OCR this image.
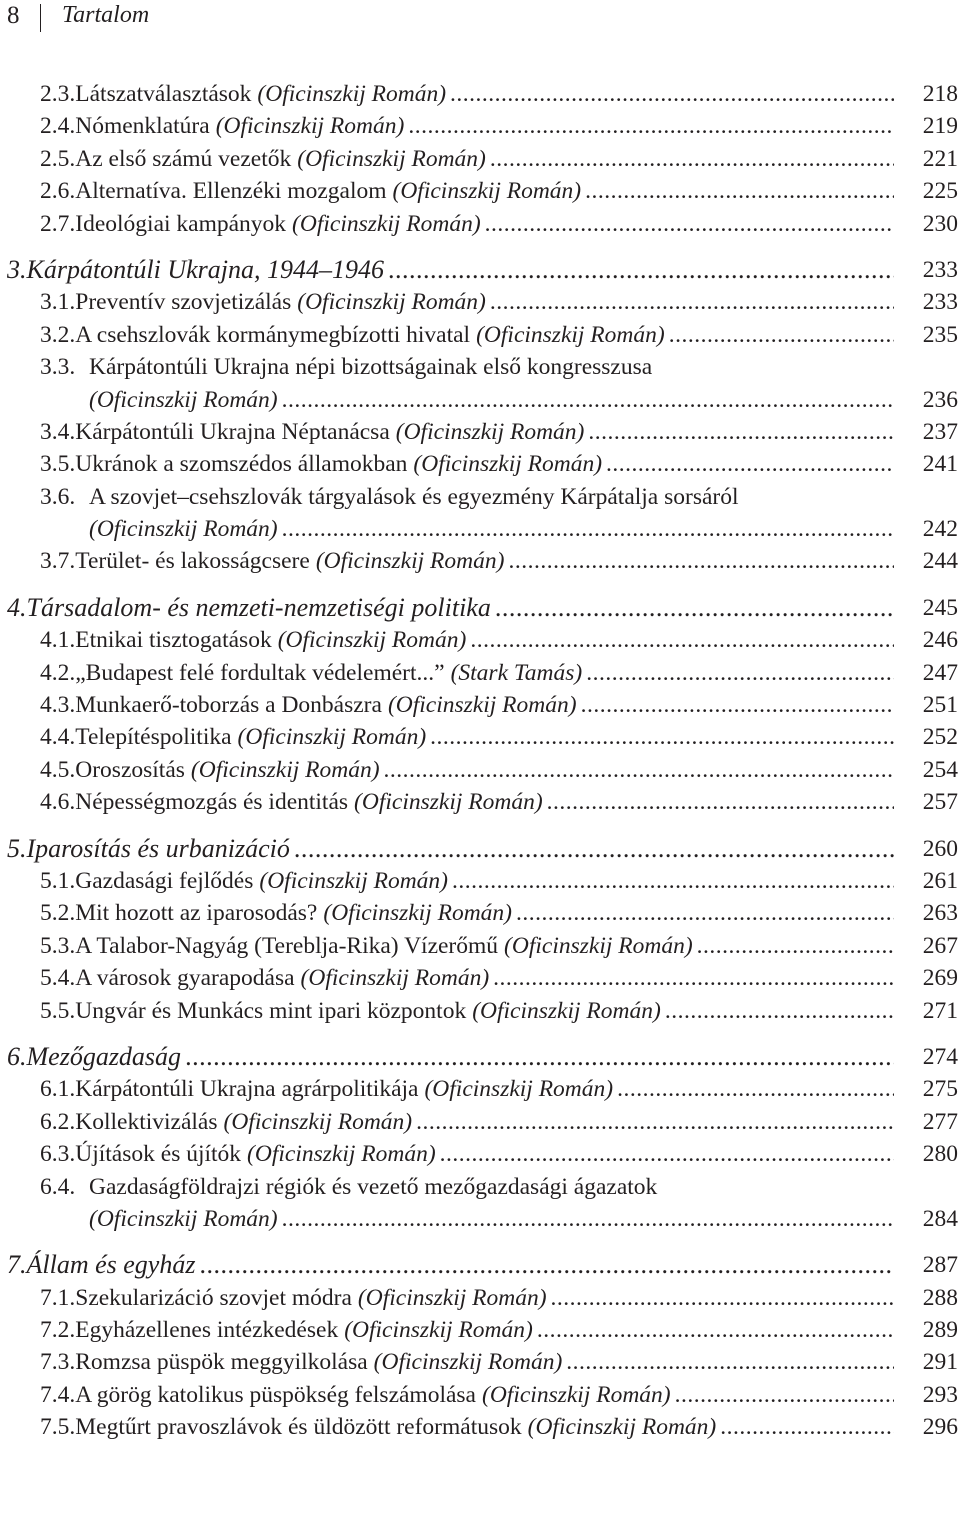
8 Tartalom
2.3. Látszatválasztások (Oficinszkij Román) .....	218
2.4. Nómenklatúra (Oficinszkij Román) .....	219
2.5. Az első számú vezetők (Oficinszkij Román) .....	221
2.6. Alternatíva. Ellenzéki mozgalom (Oficinszkij Román) .....	225
2.7. Ideológiai kampányok (Oficinszkij Román) .....	230
3. Kárpátontúli Ukrajna, 1944–1946 .....	233
3.1. Preventív szovjetizálás (Oficinszkij Román) .....	233
3.2. A csehszlovák kormánymegbízotti hivatal (Oficinszkij Román) .....	235
3.3. Kárpátontúli Ukrajna népi bizottságainak első kongresszusa
(Oficinszkij Román) .....	236
3.4. Kárpátontúli Ukrajna Néptanácsa (Oficinszkij Román) .....	237
3.5. Ukránok a szomszédos államokban (Oficinszkij Román) .....	241
3.6. A szovjet–csehszlovák tárgyalások és egyezmény Kárpátalja sorsáról
(Oficinszkij Román) .....	242
3.7. Terület- és lakosságcsere (Oficinszkij Román) .....	244
4. Társadalom- és nemzeti-nemzetiségi politika .....	245
4.1. Etnikai tisztogatások (Oficinszkij Román) .....	246
4.2. „Budapest felé fordultak védelemért...” (Stark Tamás) .....	247
4.3. Munkaerő-toborzás a Donbászra (Oficinszkij Román) .....	251
4.4. Telepítéspolitika (Oficinszkij Román) .....	252
4.5. Oroszosítás (Oficinszkij Román) .....	254
4.6. Népességmozgás és identitás (Oficinszkij Román) .....	257
5. Iparosítás és urbanizáció .....	260
5.1. Gazdasági fejlődés (Oficinszkij Román) .....	261
5.2. Mit hozott az iparosodás? (Oficinszkij Román) .....	263
5.3. A Talabor-Nagyág (Tereblja-Rika) Vízerőmű (Oficinszkij Román) .....	267
5.4. A városok gyarapodása (Oficinszkij Román) .....	269
5.5. Ungvár és Munkács mint ipari központok (Oficinszkij Román) .....	271
6. Mezőgazdaság .....	274
6.1. Kárpátontúli Ukrajna agrárpolitikája (Oficinszkij Román) .....	275
6.2. Kollektivizálás (Oficinszkij Román) .....	277
6.3. Újítások és újítók (Oficinszkij Román) .....	280
6.4. Gazdaságföldrajzi régiók és vezető mezőgazdasági ágazatok
(Oficinszkij Román) .....	284
7. Állam és egyház .....	287
7.1. Szekularizáció szovjet módra (Oficinszkij Román) .....	288
7.2. Egyházellenes intézkedések (Oficinszkij Román) .....	289
7.3. Romzsa püspök meggyilkolása (Oficinszkij Román) .....	291
7.4. A görög katolikus püspökség felszámolása (Oficinszkij Román) .....	293
7.5. Megtűrt pravoszlávok és üldözött reformátusok (Oficinszkij Román) .....	296
